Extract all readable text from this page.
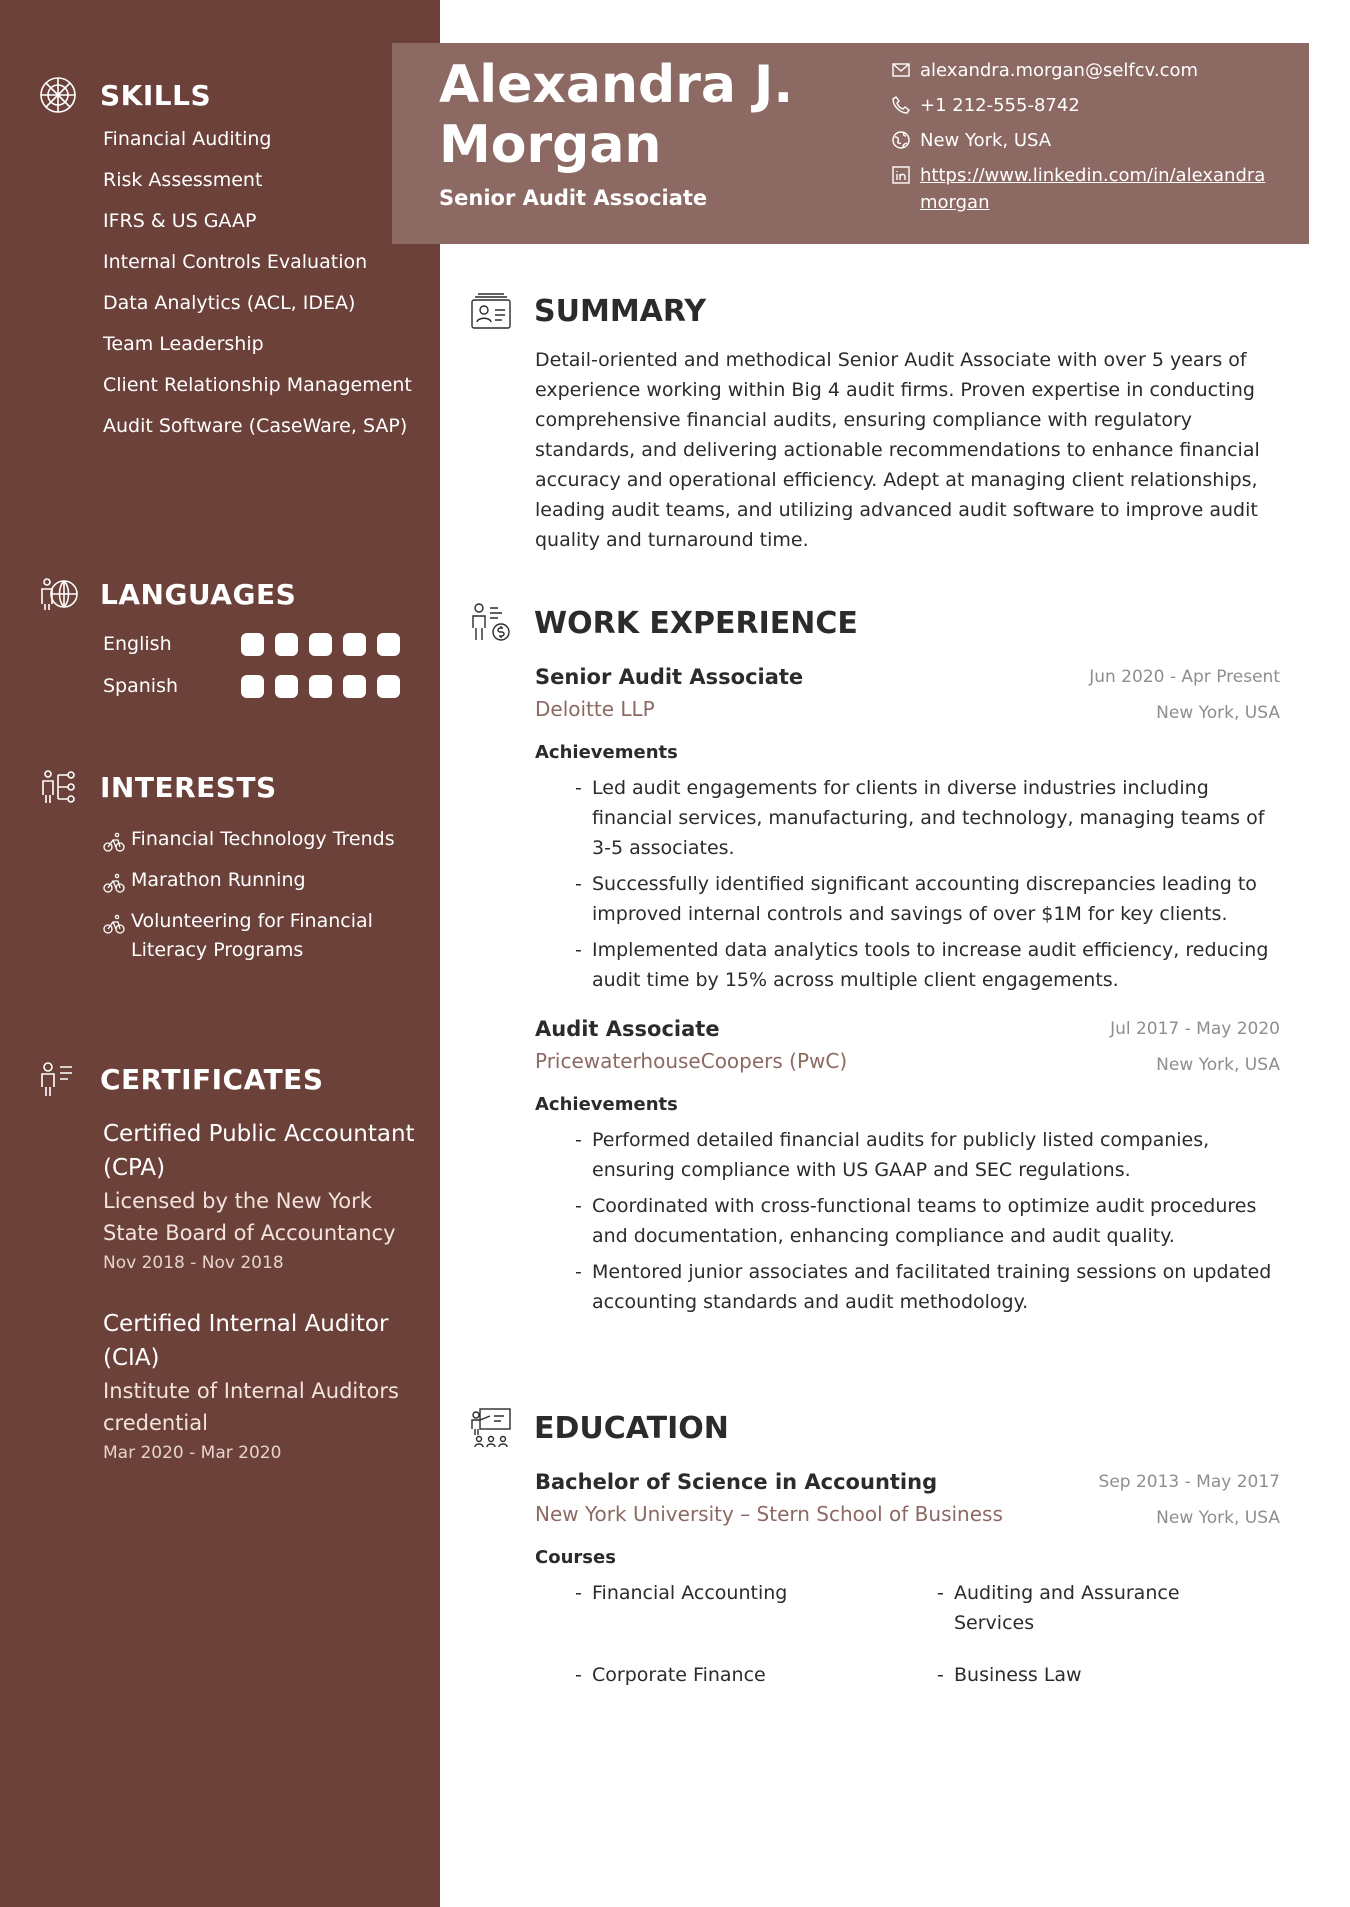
SKILLS
Financial Auditing
Risk Assessment
IFRS & US GAAP
Internal Controls Evaluation
Data Analytics (ACL, IDEA)
Team Leadership
Client Relationship Management
Audit Software (CaseWare, SAP)
LANGUAGES
English
Spanish
INTERESTS
Financial Technology Trends
Marathon Running
Volunteering for Financial Literacy Programs
CERTIFICATES
Certified Public Accountant (CPA)
Licensed by the New York State Board of Accountancy
Nov 2018 - Nov 2018
Certified Internal Auditor (CIA)
Institute of Internal Auditors credential
Mar 2020 - Mar 2020
Alexandra J. Morgan
Senior Audit Associate
alexandra.morgan@selfcv.com
+1 212-555-8742
New York, USA
https://www.linkedin.com/in/alexandramorgan
SUMMARY
Detail-oriented and methodical Senior Audit Associate with over 5 years of experience working within Big 4 audit firms. Proven expertise in conducting comprehensive financial audits, ensuring compliance with regulatory standards, and delivering actionable recommendations to enhance financial accuracy and operational efficiency. Adept at managing client relationships, leading audit teams, and utilizing advanced audit software to improve audit quality and turnaround time.
WORK EXPERIENCE
Senior Audit Associate	Jun 2020 - Apr Present
Deloitte LLP	New York, USA
Achievements
- Led audit engagements for clients in diverse industries including financial services, manufacturing, and technology, managing teams of 3-5 associates.
- Successfully identified significant accounting discrepancies leading to improved internal controls and savings of over $1M for key clients.
- Implemented data analytics tools to increase audit efficiency, reducing audit time by 15% across multiple client engagements.
Audit Associate	Jul 2017 - May 2020
PricewaterhouseCoopers (PwC)	New York, USA
Achievements
- Performed detailed financial audits for publicly listed companies, ensuring compliance with US GAAP and SEC regulations.
- Coordinated with cross-functional teams to optimize audit procedures and documentation, enhancing compliance and audit quality.
- Mentored junior associates and facilitated training sessions on updated accounting standards and audit methodology.
EDUCATION
Bachelor of Science in Accounting	Sep 2013 - May 2017
New York University – Stern School of Business	New York, USA
Courses
- Financial Accounting	- Auditing and Assurance Services
- Corporate Finance	- Business Law
